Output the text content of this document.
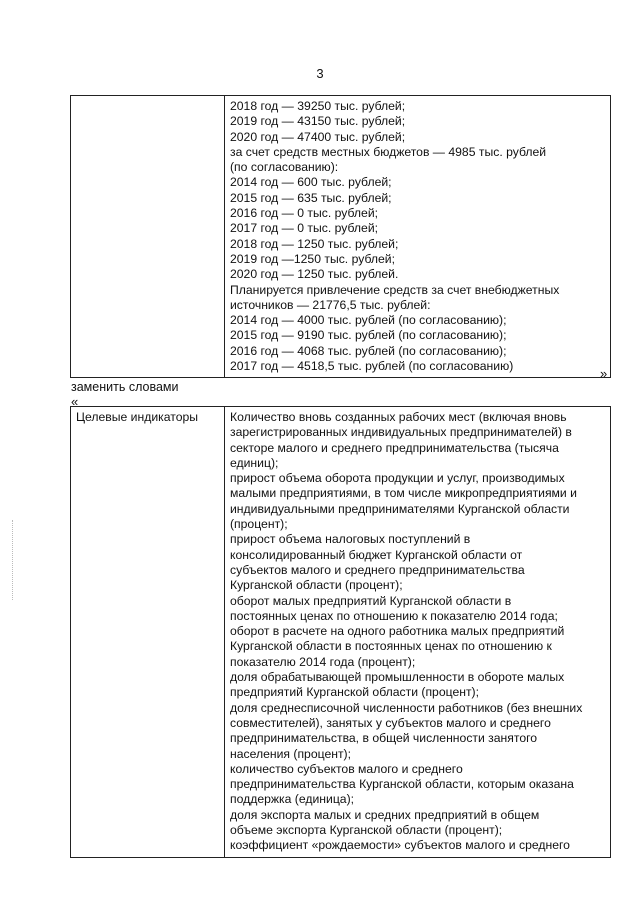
3

2018 год — 39250 тыс. рублей;
2019 год — 43150 тыс. рублей;
2020 год — 47400 тыс. рублей;
за счет средств местных бюджетов — 4985 тыс. рублей
(по согласованию):
2014 год — 600 тыс. рублей;
2015 год — 635 тыс. рублей;
2016 год — 0 тыс. рублей;
2017 год — 0 тыс. рублей;
2018 год — 1250 тыс. рублей;
2019 год —1250 тыс. рублей;
2020 год — 1250 тыс. рублей.
Планируется привлечение средств за счет внебюджетных
источников — 21776,5 тыс. рублей:
2014 год — 4000 тыс. рублей (по согласованию);
2015 год — 9190 тыс. рублей (по согласованию);
2016 год — 4068 тыс. рублей (по согласованию);
2017 год — 4518,5 тыс. рублей (по согласованию)	»
заменить словами
«
Целевые индикаторы	Количество вновь созданных рабочих мест (включая вновь
зарегистрированных индивидуальных предпринимателей) в
секторе малого и среднего предпринимательства (тысяча
единиц);
прирост объема оборота продукции и услуг, производимых
малыми предприятиями, в том числе микропредприятиями и
индивидуальными предпринимателями Курганской области
(процент);
прирост объема налоговых поступлений в
консолидированный бюджет Курганской области от
субъектов малого и среднего предпринимательства
Курганской области (процент);
оборот малых предприятий Курганской области в
постоянных ценах по отношению к показателю 2014 года;
оборот в расчете на одного работника малых предприятий
Курганской области в постоянных ценах по отношению к
показателю 2014 года (процент);
доля обрабатывающей промышленности в обороте малых
предприятий Курганской области (процент);
доля среднесписочной численности работников (без внешних
совместителей), занятых у субъектов малого и среднего
предпринимательства, в общей численности занятого
населения (процент);
количество субъектов малого и среднего
предпринимательства Курганской области, которым оказана
поддержка (единица);
доля экспорта малых и средних предприятий в общем
объеме экспорта Курганской области (процент);
коэффициент «рождаемости» субъектов малого и среднего
